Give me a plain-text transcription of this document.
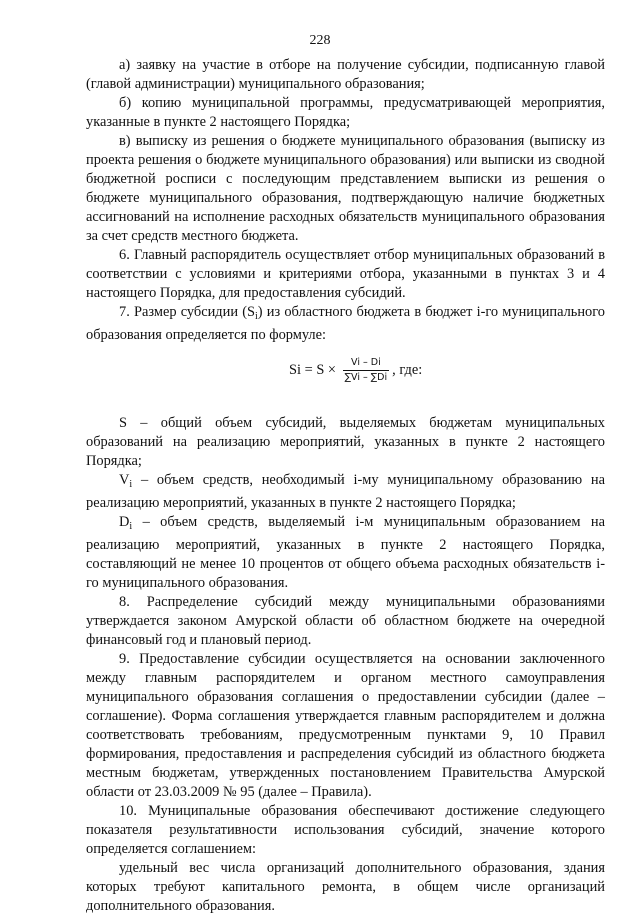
228

а) заявку на участие в отборе на получение субсидии, подписанную главой (главой администрации) муниципального образования;

б) копию муниципальной программы, предусматривающей мероприятия, указанные в пункте 2 настоящего Порядка;

в) выписку из решения о бюджете муниципального образования (выписку из проекта решения о бюджете муниципального образования) или выписки из сводной бюджетной росписи с последующим представлением выписки из решения о бюджете муниципального образования, подтверждающую наличие бюджетных ассигнований на исполнение расходных обязательств муниципального образования за счет средств местного бюджета.

6. Главный распорядитель осуществляет отбор муниципальных образований в соответствии с условиями и критериями отбора, указанными в пунктах 3 и 4 настоящего Порядка, для предоставления субсидий.

7. Размер субсидии $(S_i)$ из областного бюджета в бюджет i-го муниципального образования определяется по формуле:

$Si = S \times \frac{Vi - Di}{\sum Vi - \sum Di}$ , где:

S – общий объем субсидий, выделяемых бюджетам муниципальных образований на реализацию мероприятий, указанных в пункте 2 настоящего Порядка;

$V_i$ – объем средств, необходимый i-му муниципальному образованию на реализацию мероприятий, указанных в пункте 2 настоящего Порядка;

$D_i$ – объем средств, выделяемый i-м муниципальным образованием на реализацию мероприятий, указанных в пункте 2 настоящего Порядка, составляющий не менее 10 процентов от общего объема расходных обязательств i-го муниципального образования.

8. Распределение субсидий между муниципальными образованиями утверждается законом Амурской области об областном бюджете на очередной финансовый год и плановый период.

9. Предоставление субсидии осуществляется на основании заключенного между главным распорядителем и органом местного самоуправления муниципального образования соглашения о предоставлении субсидии (далее – соглашение). Форма соглашения утверждается главным распорядителем и должна соответствовать требованиям, предусмотренным пунктами 9, 10 Правил формирования, предоставления и распределения субсидий из областного бюджета местным бюджетам, утвержденных постановлением Правительства Амурской области от 23.03.2009 № 95 (далее – Правила).

10. Муниципальные образования обеспечивают достижение следующего показателя результативности использования субсидий, значение которого определяется соглашением:

удельный вес числа организаций дополнительного образования, здания которых требуют капитального ремонта, в общем числе организаций дополнительного образования.
